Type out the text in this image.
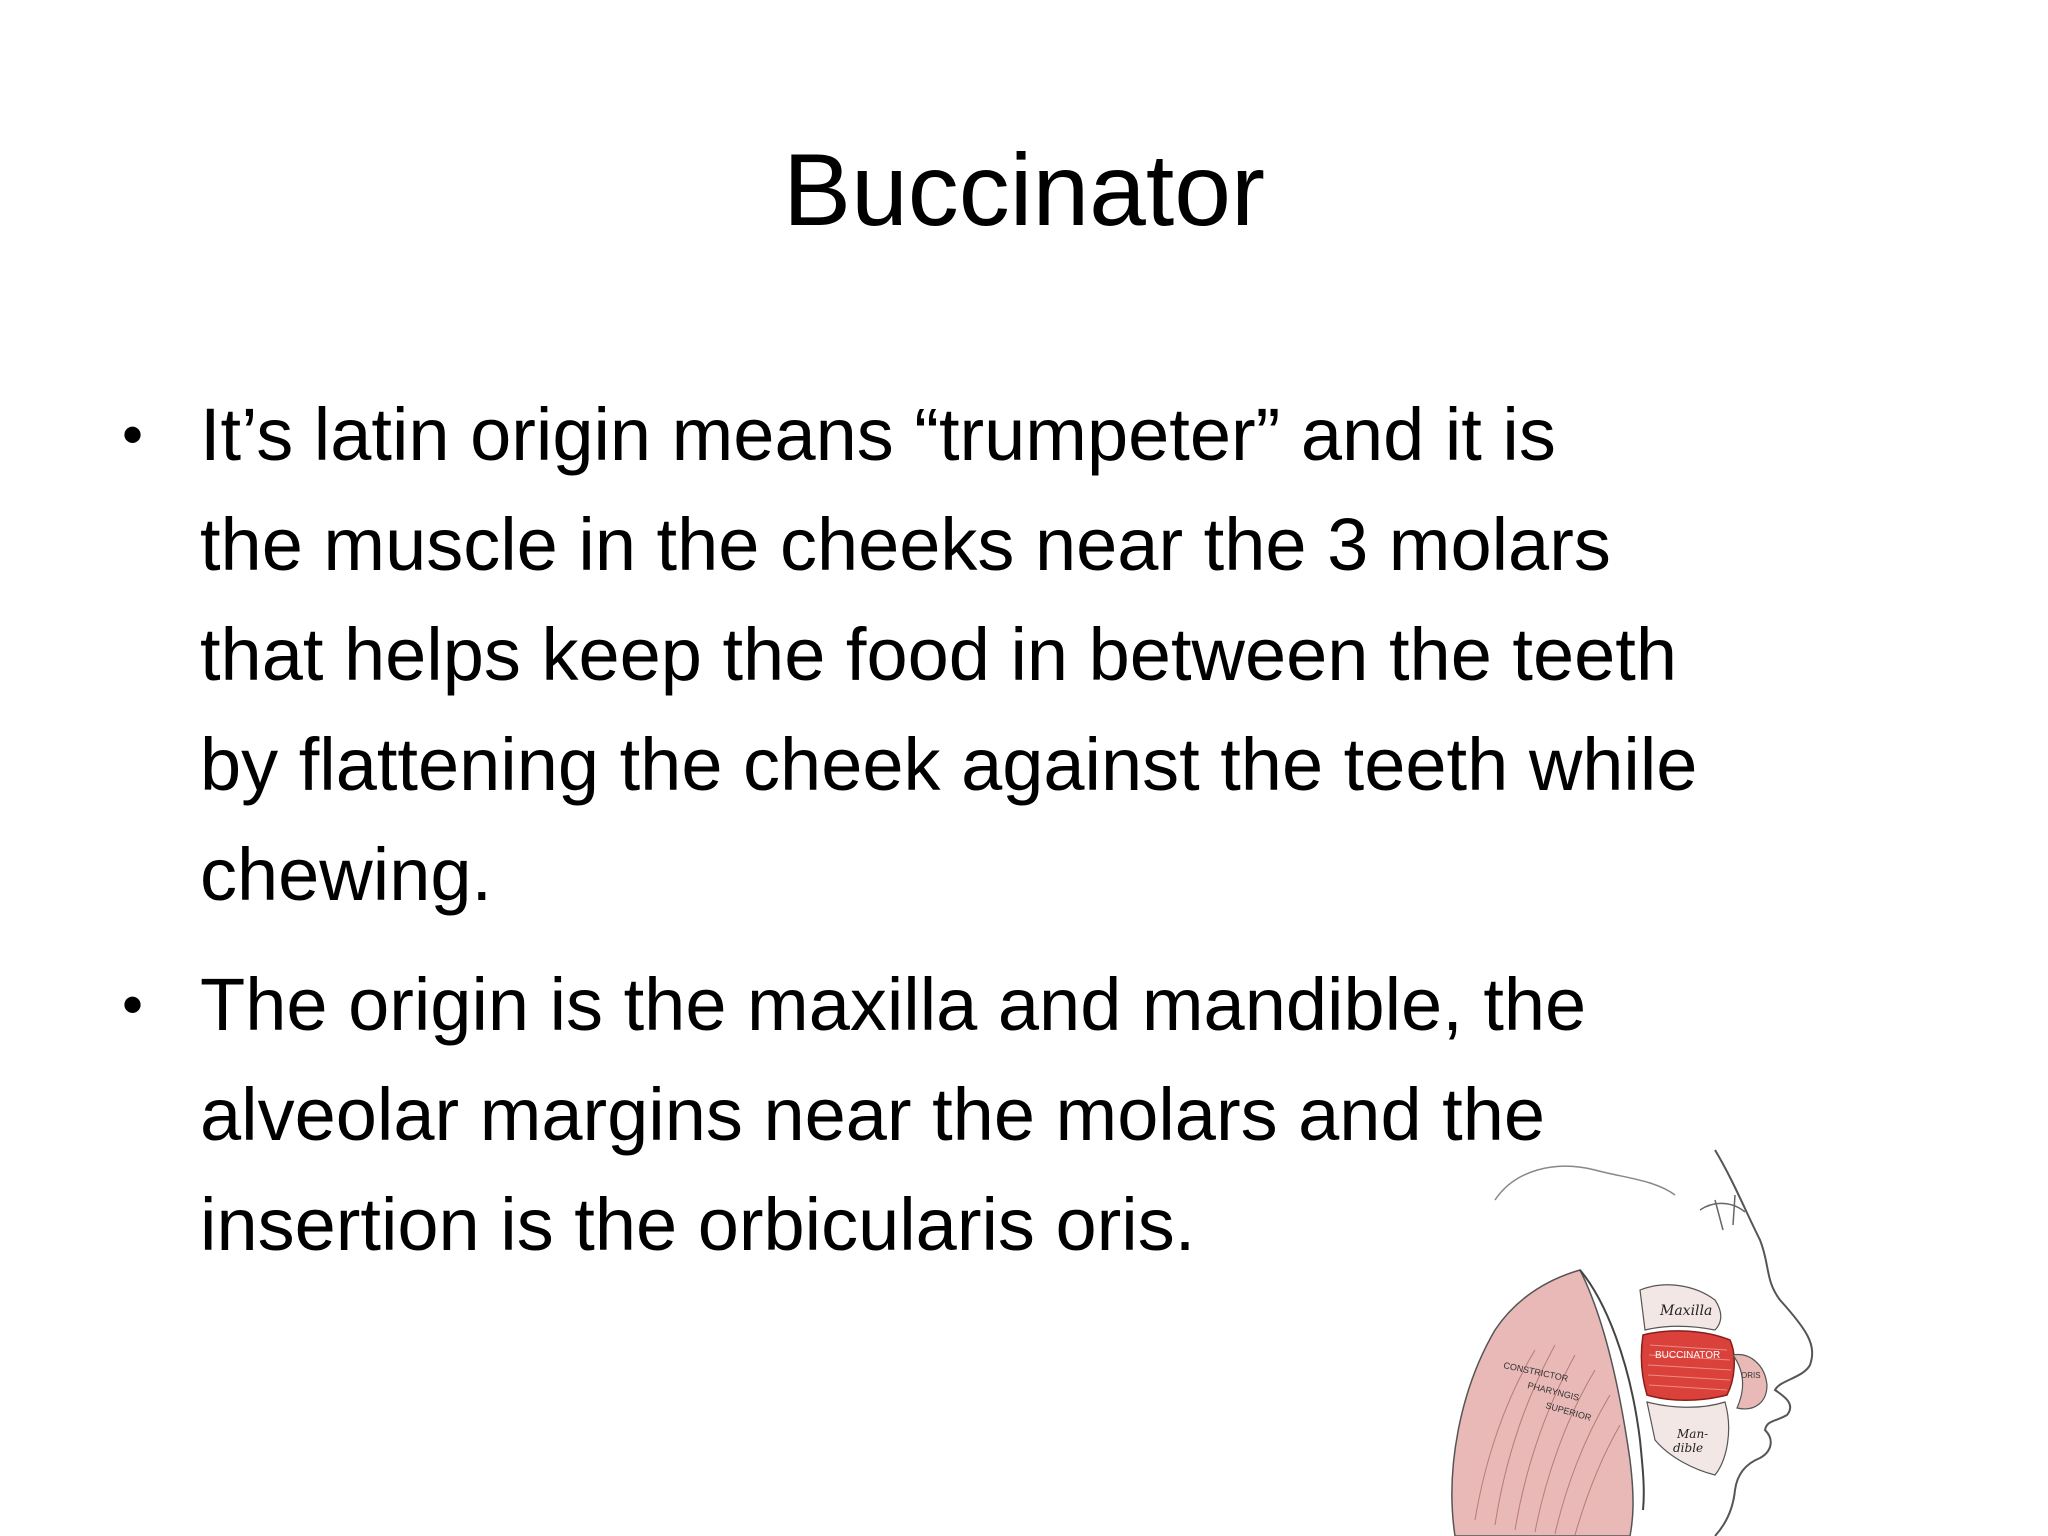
Buccinator
• It’s latin origin means “trumpeter” and it is
the muscle in the cheeks near the 3 molars
that helps keep the food in between the teeth
by flattening the cheek against the teeth while
chewing.
• The origin is the maxilla and mandible, the
alveolar margins near the molars and the
insertion is the orbicularis oris.
Maxilla
BUCCINATOR
CONSTRICTOR
PHARYNGIS
SUPERIOR
Man-
dible
ORIS
